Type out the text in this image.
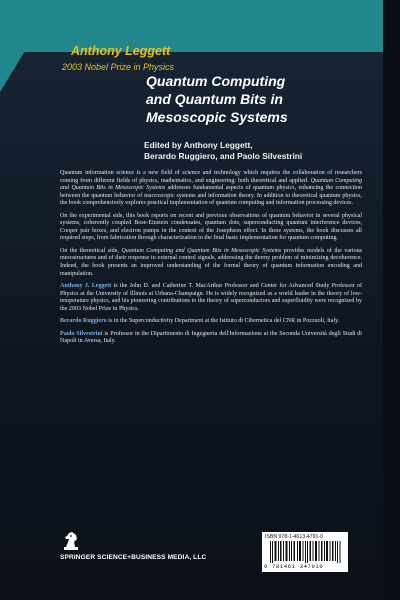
Anthony Leggett
2003 Nobel Prize in Physics
Quantum Computing
and Quantum Bits in
Mesoscopic Systems
Edited by Anthony Leggett,
Berardo Ruggiero, and Paolo Silvestrini

Quantum information science is a new field of science and technology which requires the collaboration of researchers coming from different fields of physics, mathematics, and engineering: both theoretical and applied. Quantum Computing and Quantum Bits in Mesoscopic Systems addresses fundamental aspects of quantum physics, enhancing the connection between the quantum behavior of macroscopic systems and information theory. In addition to theoretical quantum physics, the book comprehensively explores practical implementation of quantum computing and information processing devices.

On the experimental side, this book reports on recent and previous observations of quantum behavior in several physical systems, coherently coupled Bose-Einstein condensates, quantum dots, superconducting quantum interference devices, Cooper pair boxes, and electron pumps in the context of the Josephson effect. In these systems, the book discusses all required steps, from fabrication through characterization to the final basic implementation for quantum computing.

On the theoretical side, Quantum Computing and Quantum Bits in Mesoscopic Systems provides models of the various mesostructures and of their response to external control signals, addressing the thorny problem of minimizing decoherence. Indeed, the book presents an improved understanding of the formal theory of quantum information encoding and manipulation.

Anthony J. Leggett is the John D. and Catherine T. MacArthur Professor and Center for Advanced Study Professor of Physics at the University of Illinois at Urbana-Champaign. He is widely recognized as a world leader in the theory of low-temperature physics, and his pioneering contributions to the theory of superconductors and superfluidity were recognized by the 2003 Nobel Prize in Physics.

Berardo Ruggiero is in the Superconductivity Department at the Istituto di Cibernetica del CNR in Pozzuoli, Italy.

Paolo Silvestrini is Professor in the Dipartimento di Ingegneria dell'Informazione at the Seconda Università degli Studi di Napoli in Aversa, Italy.

SPRINGER SCIENCE+BUSINESS MEDIA, LLC
ISBN 978-1-4613-4791-0
9 781461 347910
